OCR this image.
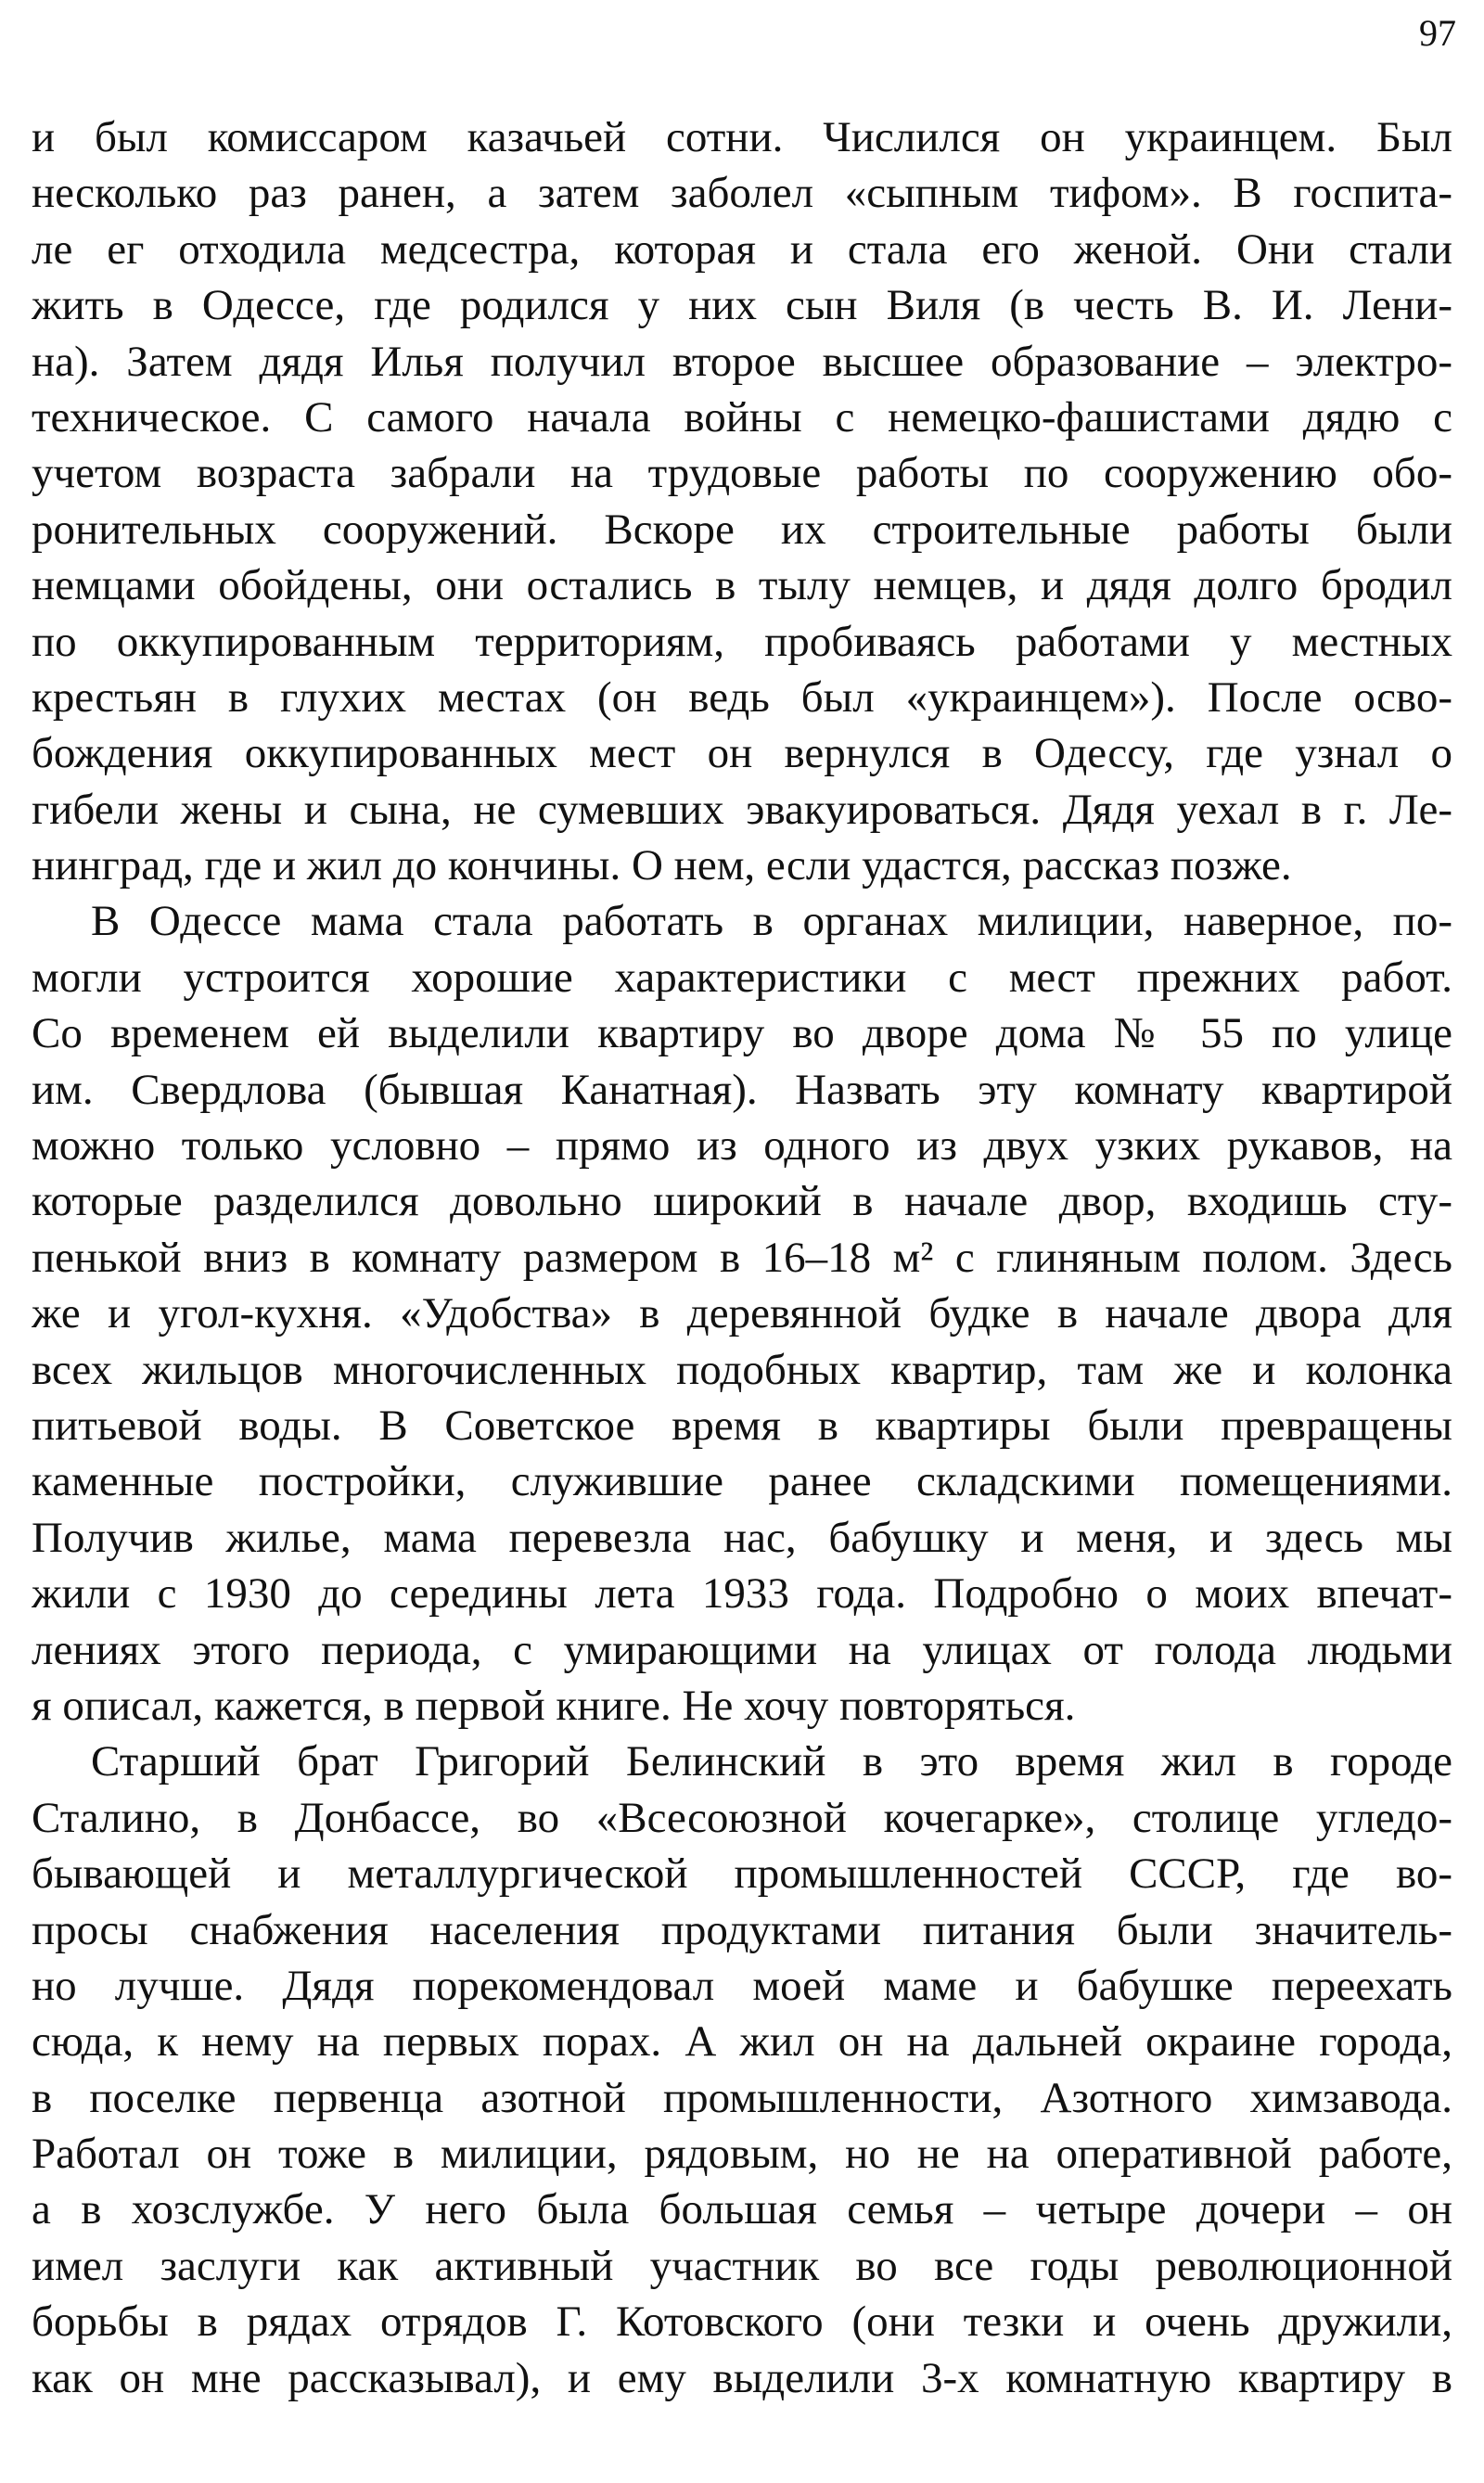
97
и был комиссаром казачьей сотни. Числился он украинцем. Был
несколько раз ранен, а затем заболел «сыпным тифом». В госпита-
ле ег отходила медсестра, которая и стала его женой. Они стали
жить в Одессе, где родился у них сын Виля (в честь В. И. Лени-
на). Затем дядя Илья получил второе высшее образование – электро-
техническое. С самого начала войны с немецко-фашистами дядю с
учетом возраста забрали на трудовые работы по сооружению обо-
ронительных сооружений. Вскоре их строительные работы были
немцами обойдены, они остались в тылу немцев, и дядя долго бродил
по оккупированным территориям, пробиваясь работами у местных
крестьян в глухих местах (он ведь был «украинцем»). После осво-
бождения оккупированных мест он вернулся в Одессу, где узнал о
гибели жены и сына, не сумевших эвакуироваться. Дядя уехал в г. Ле-
нинград, где и жил до кончины. О нем, если удастся, рассказ позже.
В Одессе мама стала работать в органах милиции, наверное, по-
могли устроится хорошие характеристики с мест прежних работ.
Со временем ей выделили квартиру во дворе дома № 55 по улице
им. Свердлова (бывшая Канатная). Назвать эту комнату квартирой
можно только условно – прямо из одного из двух узких рукавов, на
которые разделился довольно широкий в начале двор, входишь сту-
пенькой вниз в комнату размером в 16–18 м² с глиняным полом. Здесь
же и угол-кухня. «Удобства» в деревянной будке в начале двора для
всех жильцов многочисленных подобных квартир, там же и колонка
питьевой воды. В Советское время в квартиры были превращены
каменные постройки, служившие ранее складскими помещениями.
Получив жилье, мама перевезла нас, бабушку и меня, и здесь мы
жили с 1930 до середины лета 1933 года. Подробно о моих впечат-
лениях этого периода, с умирающими на улицах от голода людьми
я описал, кажется, в первой книге. Не хочу повторяться.
Старший брат Григорий Белинский в это время жил в городе
Сталино, в Донбассе, во «Всесоюзной кочегарке», столице угледо-
бывающей и металлургической промышленностей СССР, где во-
просы снабжения населения продуктами питания были значитель-
но лучше. Дядя порекомендовал моей маме и бабушке переехать
сюда, к нему на первых порах. А жил он на дальней окраине города,
в поселке первенца азотной промышленности, Азотного химзавода.
Работал он тоже в милиции, рядовым, но не на оперативной работе,
а в хозслужбе. У него была большая семья – четыре дочери – он
имел заслуги как активный участник во все годы революционной
борьбы в рядах отрядов Г. Котовского (они тезки и очень дружили,
как он мне рассказывал), и ему выделили 3-х комнатную квартиру в
